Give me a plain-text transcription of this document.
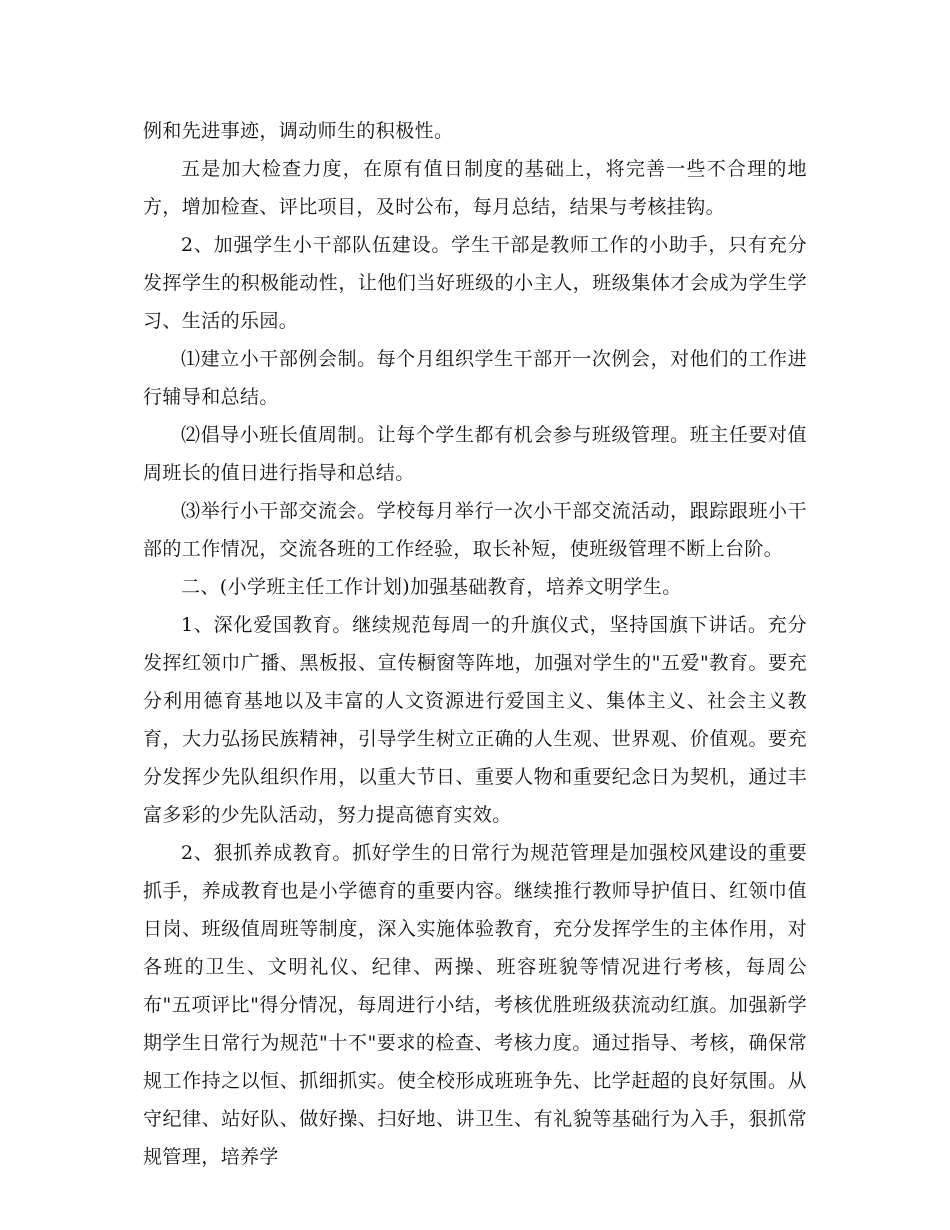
例和先进事迹，调动师生的积极性。

五是加大检查力度，在原有值日制度的基础上，将完善一些不合理的地方，增加检查、评比项目，及时公布，每月总结，结果与考核挂钩。

2、加强学生小干部队伍建设。学生干部是教师工作的小助手，只有充分发挥学生的积极能动性，让他们当好班级的小主人，班级集体才会成为学生学习、生活的乐园。

⑴建立小干部例会制。每个月组织学生干部开一次例会，对他们的工作进行辅导和总结。

⑵倡导小班长值周制。让每个学生都有机会参与班级管理。班主任要对值周班长的值日进行指导和总结。

⑶举行小干部交流会。学校每月举行一次小干部交流活动，跟踪跟班小干部的工作情况，交流各班的工作经验，取长补短，使班级管理不断上台阶。

二、(小学班主任工作计划)加强基础教育，培养文明学生。

1、深化爱国教育。继续规范每周一的升旗仪式，坚持国旗下讲话。充分发挥红领巾广播、黑板报、宣传橱窗等阵地，加强对学生的"五爱"教育。要充分利用德育基地以及丰富的人文资源进行爱国主义、集体主义、社会主义教育，大力弘扬民族精神，引导学生树立正确的人生观、世界观、价值观。要充分发挥少先队组织作用，以重大节日、重要人物和重要纪念日为契机，通过丰富多彩的少先队活动，努力提高德育实效。

2、狠抓养成教育。抓好学生的日常行为规范管理是加强校风建设的重要抓手，养成教育也是小学德育的重要内容。继续推行教师导护值日、红领巾值日岗、班级值周班等制度，深入实施体验教育，充分发挥学生的主体作用，对各班的卫生、文明礼仪、纪律、两操、班容班貌等情况进行考核，每周公布"五项评比"得分情况，每周进行小结，考核优胜班级获流动红旗。加强新学期学生日常行为规范"十不"要求的检查、考核力度。通过指导、考核，确保常规工作持之以恒、抓细抓实。使全校形成班班争先、比学赶超的良好氛围。从守纪律、站好队、做好操、扫好地、讲卫生、有礼貌等基础行为入手，狠抓常规管理，培养学
